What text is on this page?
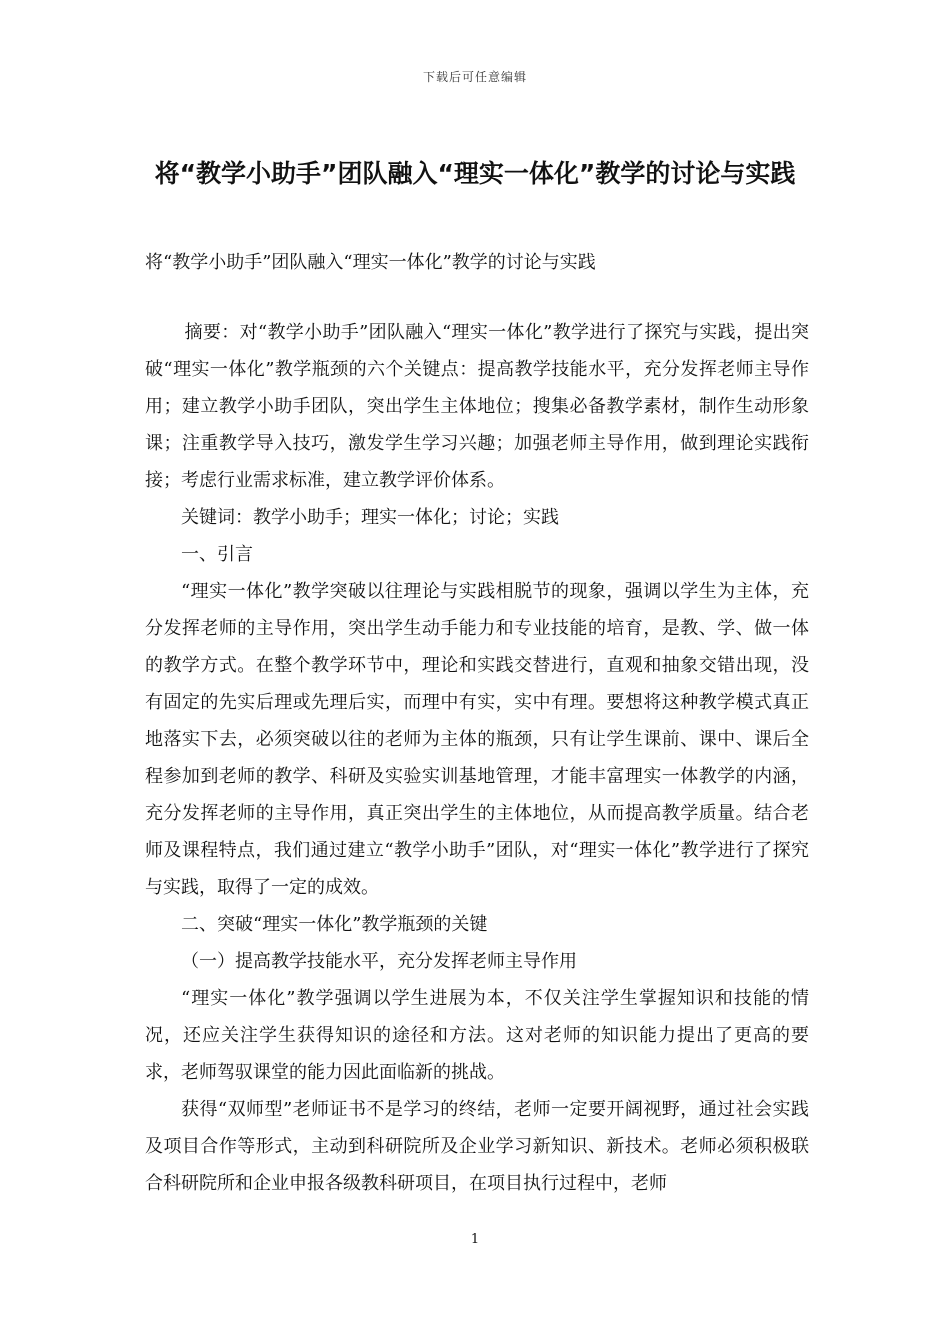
下载后可任意编辑
将“教学小助手”团队融入“理实一体化”教学的讨论与实践
将“教学小助手”团队融入“理实一体化”教学的讨论与实践

摘要：对“教学小助手”团队融入“理实一体化”教学进行了探究与实践，提出突破“理实一体化”教学瓶颈的六个关键点：提高教学技能水平，充分发挥老师主导作用；建立教学小助手团队，突出学生主体地位；搜集必备教学素材，制作生动形象课；注重教学导入技巧，激发学生学习兴趣；加强老师主导作用，做到理论实践衔接；考虑行业需求标准，建立教学评价体系。

关键词：教学小助手；理实一体化；讨论；实践

一、引言

“理实一体化”教学突破以往理论与实践相脱节的现象，强调以学生为主体，充分发挥老师的主导作用，突出学生动手能力和专业技能的培育，是教、学、做一体的教学方式。在整个教学环节中，理论和实践交替进行，直观和抽象交错出现，没有固定的先实后理或先理后实，而理中有实，实中有理。要想将这种教学模式真正地落实下去，必须突破以往的老师为主体的瓶颈，只有让学生课前、课中、课后全程参加到老师的教学、科研及实验实训基地管理，才能丰富理实一体教学的内涵，充分发挥老师的主导作用，真正突出学生的主体地位，从而提高教学质量。结合老师及课程特点，我们通过建立“教学小助手”团队，对“理实一体化”教学进行了探究与实践，取得了一定的成效。

二、突破“理实一体化”教学瓶颈的关键

（一）提高教学技能水平，充分发挥老师主导作用

“理实一体化”教学强调以学生进展为本，不仅关注学生掌握知识和技能的情况，还应关注学生获得知识的途径和方法。这对老师的知识能力提出了更高的要求，老师驾驭课堂的能力因此面临新的挑战。

获得“双师型”老师证书不是学习的终结，老师一定要开阔视野，通过社会实践及项目合作等形式，主动到科研院所及企业学习新知识、新技术。老师必须积极联合科研院所和企业申报各级教科研项目，在项目执行过程中，老师

1
